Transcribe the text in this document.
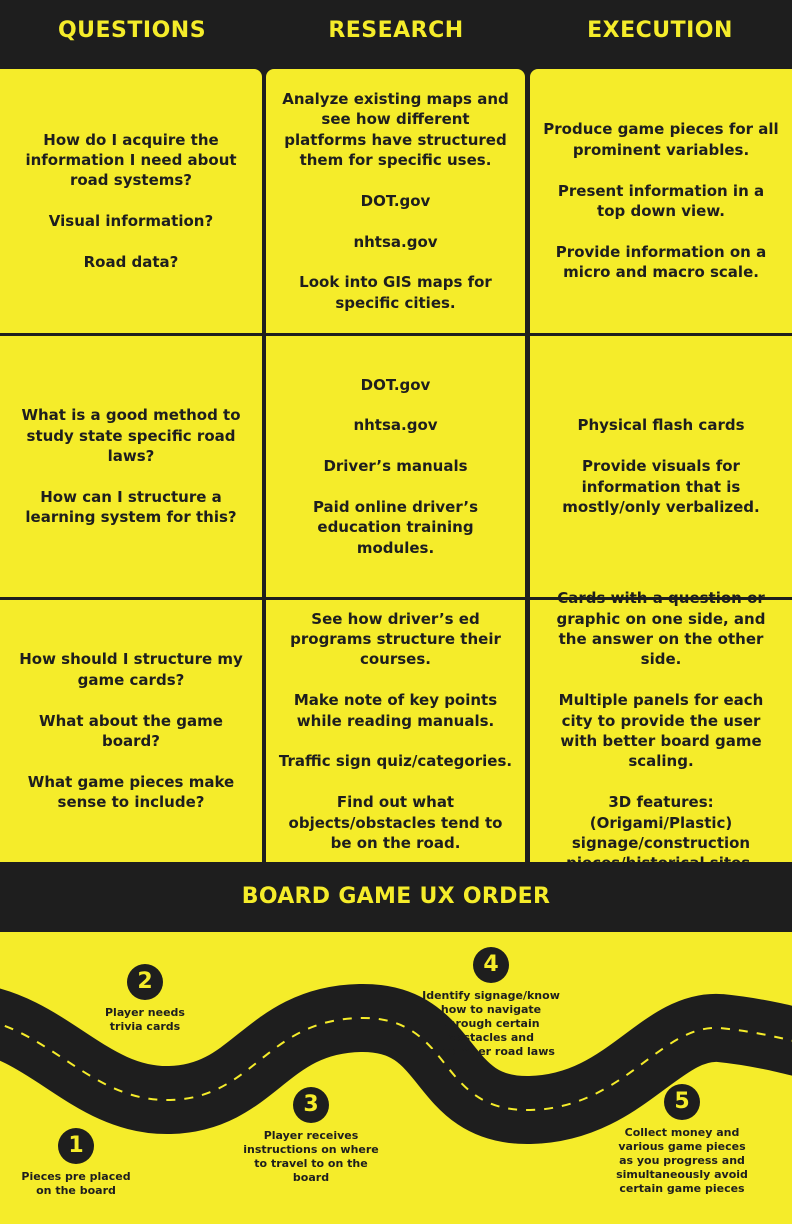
QUESTIONS	RESEARCH	EXECUTION

How do I acquire the information I need about road systems?

Visual information?

Road data?

Analyze existing maps and see how different platforms have structured them for specific uses.

DOT.gov

nhtsa.gov

Look into GIS maps for specific cities.

Produce game pieces for all prominent variables.

Present information in a top down view.

Provide information on a micro and macro scale.

What is a good method to study state specific road laws?

How can I structure a learning system for this?

DOT.gov

nhtsa.gov

Driver’s manuals

Paid online driver’s education training modules.

Physical flash cards

Provide visuals for information that is mostly/only verbalized.

How should I structure my game cards?

What about the game board?

What game pieces make sense to include?

See how driver’s ed programs structure their courses.

Make note of key points while reading manuals.

Traffic sign quiz/categories.

Find out what objects/obstacles tend to be on the road.

Cards with a question or graphic on one side, and the answer on the other side.

Multiple panels for each city to provide the user with better board game scaling.

3D features: (Origami/Plastic) signage/construction

BOARD GAME UX ORDER
1
Pieces pre placed on the board
2
Player needs trivia cards
3
Player receives instructions on where to travel to on the board
4
Identify signage/know how to navigate through certain obstacles and remember road laws
5
Collect money and various game pieces as you progress and simultaneously avoid certain game pieces
